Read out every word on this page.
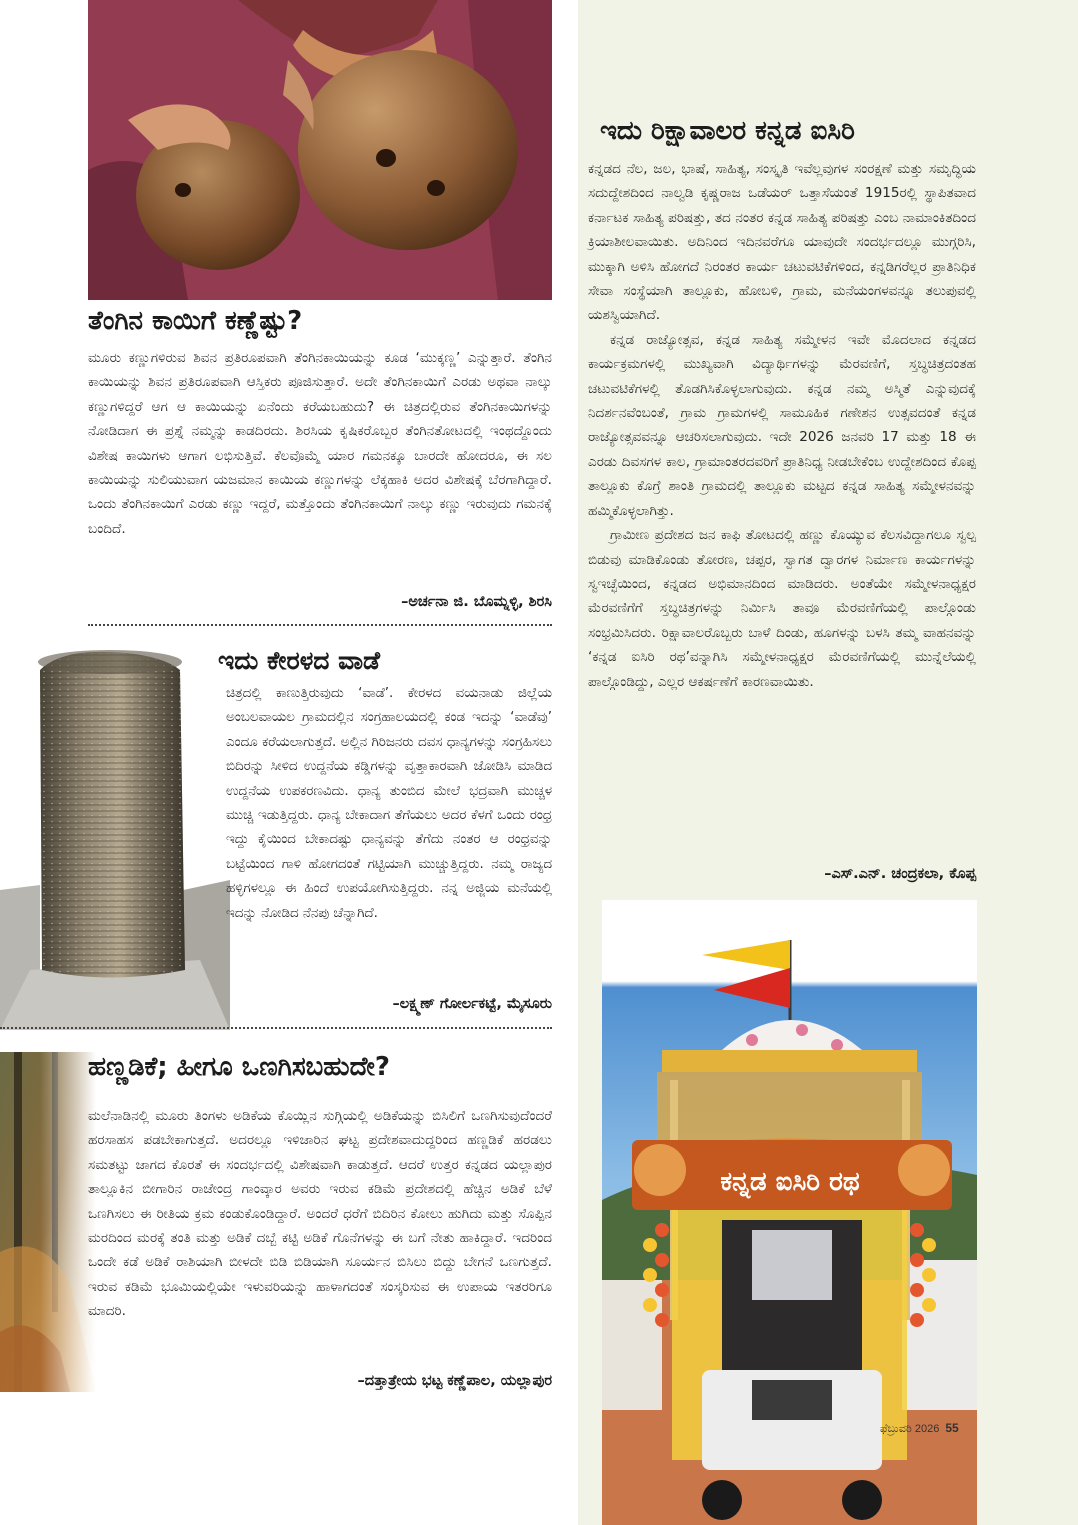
ತೆಂಗಿನ ಕಾಯಿಗೆ ಕಣ್ಣೆಷ್ಟು?

ಮೂರು ಕಣ್ಣುಗಳಿರುವ ಶಿವನ ಪ್ರತಿರೂಪವಾಗಿ ತೆಂಗಿನಕಾಯಿಯನ್ನು ಕೂಡ ‘ಮುಕ್ಕಣ್ಣ’ ಎನ್ನುತ್ತಾರೆ. ತೆಂಗಿನ ಕಾಯಿಯನ್ನು ಶಿವನ ಪ್ರತಿರೂಪವಾಗಿ ಆಸ್ತಿಕರು ಪೂಜಿಸುತ್ತಾರೆ. ಅದೇ ತೆಂಗಿನಕಾಯಿಗೆ ಎರಡು ಅಥವಾ ನಾಲ್ಕು ಕಣ್ಣುಗಳಿದ್ದರೆ ಆಗ ಆ ಕಾಯಿಯನ್ನು ಏನೆಂದು ಕರೆಯಬಹುದು? ಈ ಚಿತ್ರದಲ್ಲಿರುವ ತೆಂಗಿನಕಾಯಿಗಳನ್ನು ನೋಡಿದಾಗ ಈ ಪ್ರಶ್ನೆ ನಮ್ಮನ್ನು ಕಾಡದಿರದು. ಶಿರಸಿಯ ಕೃಷಿಕರೊಬ್ಬರ ತೆಂಗಿನತೋಟದಲ್ಲಿ ಇಂಥದ್ದೊಂದು ವಿಶೇಷ ಕಾಯಿಗಳು ಆಗಾಗ ಲಭಿಸುತ್ತಿವೆ. ಕೆಲವೊಮ್ಮೆ ಯಾರ ಗಮನಕ್ಕೂ ಬಾರದೇ ಹೋದರೂ, ಈ ಸಲ ಕಾಯಿಯನ್ನು ಸುಲಿಯುವಾಗ ಯಜಮಾನ ಕಾಯಿಯ ಕಣ್ಣುಗಳನ್ನು ಲೆಕ್ಕಹಾಕಿ ಅದರ ವಿಶೇಷಕ್ಕೆ ಬೆರಗಾಗಿದ್ದಾರೆ. ಒಂದು ತೆಂಗಿನಕಾಯಿಗೆ ಎರಡು ಕಣ್ಣು ಇದ್ದರೆ, ಮತ್ತೊಂದು ತೆಂಗಿನಕಾಯಿಗೆ ನಾಲ್ಕು ಕಣ್ಣು ಇರುವುದು ಗಮನಕ್ಕೆ ಬಂದಿದೆ.

–ಅರ್ಚನಾ ಜಿ. ಬೊಮ್ನಳ್ಳಿ, ಶಿರಸಿ
ಇದು ಕೇರಳದ ವಾಡೆ

ಚಿತ್ರದಲ್ಲಿ ಕಾಣುತ್ತಿರುವುದು ‘ವಾಡೆ’. ಕೇರಳದ ವಯನಾಡು ಜಿಲ್ಲೆಯ ಅಂಬಲವಾಯಲ ಗ್ರಾಮದಲ್ಲಿನ ಸಂಗ್ರಹಾಲಯದಲ್ಲಿ ಕಂಡ ಇದನ್ನು ‘ವಾಡೆವು’ ಎಂದೂ ಕರೆಯಲಾಗುತ್ತದೆ. ಅಲ್ಲಿನ ಗಿರಿಜನರು ದವಸ ಧಾನ್ಯಗಳನ್ನು ಸಂಗ್ರಹಿಸಲು ಬಿದಿರನ್ನು ಸೀಳಿದ ಉದ್ದನೆಯ ಕಡ್ಡಿಗಳನ್ನು ವೃತ್ತಾಕಾರವಾಗಿ ಜೋಡಿಸಿ ಮಾಡಿದ ಉದ್ದನೆಯ ಉಪಕರಣವಿದು. ಧಾನ್ಯ ತುಂಬಿದ ಮೇಲೆ ಭದ್ರವಾಗಿ ಮುಚ್ಚಳ ಮುಚ್ಚಿ ಇಡುತ್ತಿದ್ದರು. ಧಾನ್ಯ ಬೇಕಾದಾಗ ತೆಗೆಯಲು ಅದರ ಕೆಳಗೆ ಒಂದು ರಂಧ್ರ ಇದ್ದು ಕೈಯಿಂದ ಬೇಕಾದಷ್ಟು ಧಾನ್ಯವನ್ನು ತೆಗೆದು ನಂತರ ಆ ರಂಧ್ರವನ್ನು ಬಟ್ಟೆಯಿಂದ ಗಾಳಿ ಹೋಗದಂತೆ ಗಟ್ಟಿಯಾಗಿ ಮುಚ್ಚುತ್ತಿದ್ದರು. ನಮ್ಮ ರಾಜ್ಯದ ಹಳ್ಳಿಗಳಲ್ಲೂ ಈ ಹಿಂದೆ ಉಪಯೋಗಿಸುತ್ತಿದ್ದರು. ನನ್ನ ಅಜ್ಜಿಯ ಮನೆಯಲ್ಲಿ ಇದನ್ನು ನೋಡಿದ ನೆನಪು ಚೆನ್ನಾಗಿದೆ.

–ಲಕ್ಷ್ಮಣ್ ಗೋರ್ಲಕಟ್ಟೆ, ಮೈಸೂರು
ಹಣ್ಣಡಿಕೆ; ಹೀಗೂ ಒಣಗಿಸಬಹುದೇ?

ಮಲೆನಾಡಿನಲ್ಲಿ ಮೂರು ತಿಂಗಳು ಅಡಿಕೆಯ ಕೊಯ್ಲಿನ ಸುಗ್ಗಿಯಲ್ಲಿ ಅಡಿಕೆಯನ್ನು ಬಿಸಿಲಿಗೆ ಒಣಗಿಸುವುದೆಂದರೆ ಹರಸಾಹಸ ಪಡಬೇಕಾಗುತ್ತದೆ. ಅದರಲ್ಲೂ ಇಳಿಜಾರಿನ ಘಟ್ಟ ಪ್ರದೇಶವಾದುದ್ದರಿಂದ ಹಣ್ಣಡಿಕೆ ಹರಡಲು ಸಮತಟ್ಟು ಜಾಗದ ಕೊರತೆ ಈ ಸಂದರ್ಭದಲ್ಲಿ ವಿಶೇಷವಾಗಿ ಕಾಡುತ್ತದೆ. ಆದರೆ ಉತ್ತರ ಕನ್ನಡದ ಯಲ್ಲಾಪುರ ತಾಲ್ಲೂಕಿನ ಬೀಗಾರಿನ ರಾಜೇಂದ್ರ ಗಾಂವ್ಕಾರ ಅವರು ಇರುವ ಕಡಿಮೆ ಪ್ರದೇಶದಲ್ಲಿ ಹೆಚ್ಚಿನ ಅಡಿಕೆ ಬೆಳೆ ಒಣಗಿಸಲು ಈ ರೀತಿಯ ಕ್ರಮ ಕಂಡುಕೊಂಡಿದ್ದಾರೆ. ಅಂದರೆ ಧರೆಗೆ ಬಿದಿರಿನ ಕೋಲು ಹುಗಿದು ಮತ್ತು ಸೊಪ್ಪಿನ ಮರದಿಂದ ಮರಕ್ಕೆ ತಂತಿ ಮತ್ತು ಅಡಿಕೆ ದಬ್ಬೆ ಕಟ್ಟಿ ಅಡಿಕೆ ಗೊನೆಗಳನ್ನು ಈ ಬಗೆ ನೇತು ಹಾಕಿದ್ದಾರೆ. ಇದರಿಂದ ಒಂದೇ ಕಡೆ ಅಡಿಕೆ ರಾಶಿಯಾಗಿ ಬೀಳದೇ ಬಿಡಿ ಬಿಡಿಯಾಗಿ ಸೂರ್ಯನ ಬಿಸಿಲು ಬಿದ್ದು ಬೇಗನೆ ಒಣಗುತ್ತದೆ. ಇರುವ ಕಡಿಮೆ ಭೂಮಿಯಲ್ಲಿಯೇ ಇಳುವರಿಯನ್ನು ಹಾಳಾಗದಂತೆ ಸಂಸ್ಕರಿಸುವ ಈ ಉಪಾಯ ಇತರರಿಗೂ ಮಾದರಿ.

–ದತ್ತಾತ್ರೇಯ ಭಟ್ಟ ಕಣ್ಣೆಪಾಲ, ಯಲ್ಲಾಪುರ
ಇದು ರಿಕ್ಷಾವಾಲರ ಕನ್ನಡ ಐಸಿರಿ

ಕನ್ನಡದ ನೆಲ, ಜಲ, ಭಾಷೆ, ಸಾಹಿತ್ಯ, ಸಂಸ್ಕೃತಿ ಇವೆಲ್ಲವುಗಳ ಸಂರಕ್ಷಣೆ ಮತ್ತು ಸಮೃದ್ಧಿಯ ಸದುದ್ದೇಶದಿಂದ ನಾಲ್ವಡಿ ಕೃಷ್ಣರಾಜ ಒಡೆಯರ್ ಒತ್ತಾಸೆಯಂತೆ 1915ರಲ್ಲಿ ಸ್ಥಾಪಿತವಾದ ಕರ್ನಾಟಕ ಸಾಹಿತ್ಯ ಪರಿಷತ್ತು, ತದ ನಂತರ ಕನ್ನಡ ಸಾಹಿತ್ಯ ಪರಿಷತ್ತು ಎಂಬ ನಾಮಾಂಕಿತದಿಂದ ಕ್ರಿಯಾಶೀಲವಾಯಿತು. ಅದಿನಿಂದ ಇದಿನವರೆಗೂ ಯಾವುದೇ ಸಂದರ್ಭದಲ್ಲೂ ಮುಗ್ಗರಿಸಿ, ಮುಕ್ಕಾಗಿ ಅಳಿಸಿ ಹೋಗದೆ ನಿರಂತರ ಕಾರ್ಯ ಚಟುವಟಿಕೆಗಳಿಂದ, ಕನ್ನಡಿಗರೆಲ್ಲರ ಪ್ರಾತಿನಿಧಿಕ ಸೇವಾ ಸಂಸ್ಥೆಯಾಗಿ ತಾಲ್ಲೂಕು, ಹೋಬಳಿ, ಗ್ರಾಮ, ಮನೆಯಂಗಳವನ್ನೂ ತಲುಪುವಲ್ಲಿ ಯಶಸ್ವಿಯಾಗಿದೆ.

ಕನ್ನಡ ರಾಜ್ಯೋತ್ಸವ, ಕನ್ನಡ ಸಾಹಿತ್ಯ ಸಮ್ಮೇಳನ ಇವೇ ಮೊದಲಾದ ಕನ್ನಡದ ಕಾರ್ಯಕ್ರಮಗಳಲ್ಲಿ ಮುಖ್ಯವಾಗಿ ವಿದ್ಯಾರ್ಥಿಗಳನ್ನು ಮೆರವಣಿಗೆ, ಸ್ತಬ್ಧಚಿತ್ರದಂತಹ ಚಟುವಟಿಕೆಗಳಲ್ಲಿ ತೊಡಗಿಸಿಕೊಳ್ಳಲಾಗುವುದು. ಕನ್ನಡ ನಮ್ಮ ಅಸ್ಮಿತೆ ಎನ್ನುವುದಕ್ಕೆ ನಿದರ್ಶನವೆಂಬಂತೆ, ಗ್ರಾಮ ಗ್ರಾಮಗಳಲ್ಲಿ ಸಾಮೂಹಿಕ ಗಣೇಶನ ಉತ್ಸವದಂತೆ ಕನ್ನಡ ರಾಜ್ಯೋತ್ಸವವನ್ನೂ ಆಚರಿಸಲಾಗುವುದು. ಇದೇ 2026 ಜನವರಿ 17 ಮತ್ತು 18 ಈ ಎರಡು ದಿವಸಗಳ ಕಾಲ, ಗ್ರಾಮಾಂತರದವರಿಗೆ ಪ್ರಾತಿನಿಧ್ಯ ನೀಡಬೇಕೆಂಬ ಉದ್ದೇಶದಿಂದ ಕೊಪ್ಪ ತಾಲ್ಲೂಕು ಕೊಗ್ರೆ ಶಾಂತಿ ಗ್ರಾಮದಲ್ಲಿ ತಾಲ್ಲೂಕು ಮಟ್ಟದ ಕನ್ನಡ ಸಾಹಿತ್ಯ ಸಮ್ಮೇಳನವನ್ನು ಹಮ್ಮಿಕೊಳ್ಳಲಾಗಿತ್ತು.

ಗ್ರಾಮೀಣ ಪ್ರದೇಶದ ಜನ ಕಾಫಿ ತೋಟದಲ್ಲಿ ಹಣ್ಣು ಕೊಯ್ಯುವ ಕೆಲಸವಿದ್ದಾಗಲೂ ಸ್ವಲ್ಪ ಬಿಡುವು ಮಾಡಿಕೊಂಡು ತೋರಣ, ಚಪ್ಪರ, ಸ್ವಾಗತ ದ್ವಾರಗಳ ನಿರ್ಮಾಣ ಕಾರ್ಯಗಳನ್ನು ಸ್ವಇಚ್ಛೆಯಿಂದ, ಕನ್ನಡದ ಅಭಿಮಾನದಿಂದ ಮಾಡಿದರು. ಅಂತೆಯೇ ಸಮ್ಮೇಳನಾಧ್ಯಕ್ಷರ ಮೆರವಣಿಗೆಗೆ ಸ್ತಬ್ಧಚಿತ್ರಗಳನ್ನು ನಿರ್ಮಿಸಿ ತಾವೂ ಮೆರವಣಿಗೆಯಲ್ಲಿ ಪಾಲ್ಗೊಂಡು ಸಂಭ್ರಮಿಸಿದರು. ರಿಕ್ಷಾವಾಲರೊಬ್ಬರು ಬಾಳೆ ದಿಂಡು, ಹೂಗಳನ್ನು ಬಳಸಿ ತಮ್ಮ ವಾಹನವನ್ನು ‘ಕನ್ನಡ ಐಸಿರಿ ರಥ’ವನ್ನಾಗಿಸಿ ಸಮ್ಮೇಳನಾಧ್ಯಕ್ಷರ ಮೆರವಣಿಗೆಯಲ್ಲಿ ಮುನ್ನೆಲೆಯಲ್ಲಿ ಪಾಲ್ಗೊಂಡಿದ್ದು, ಎಲ್ಲರ ಆಕರ್ಷಣೆಗೆ ಕಾರಣವಾಯಿತು.

–ಎಸ್.ಎನ್. ಚಂದ್ರಕಲಾ, ಕೊಪ್ಪ
ಕನ್ನಡ ಐಸಿರಿ ರಥ
ಫೆಬ್ರುವರಿ 2026 55
